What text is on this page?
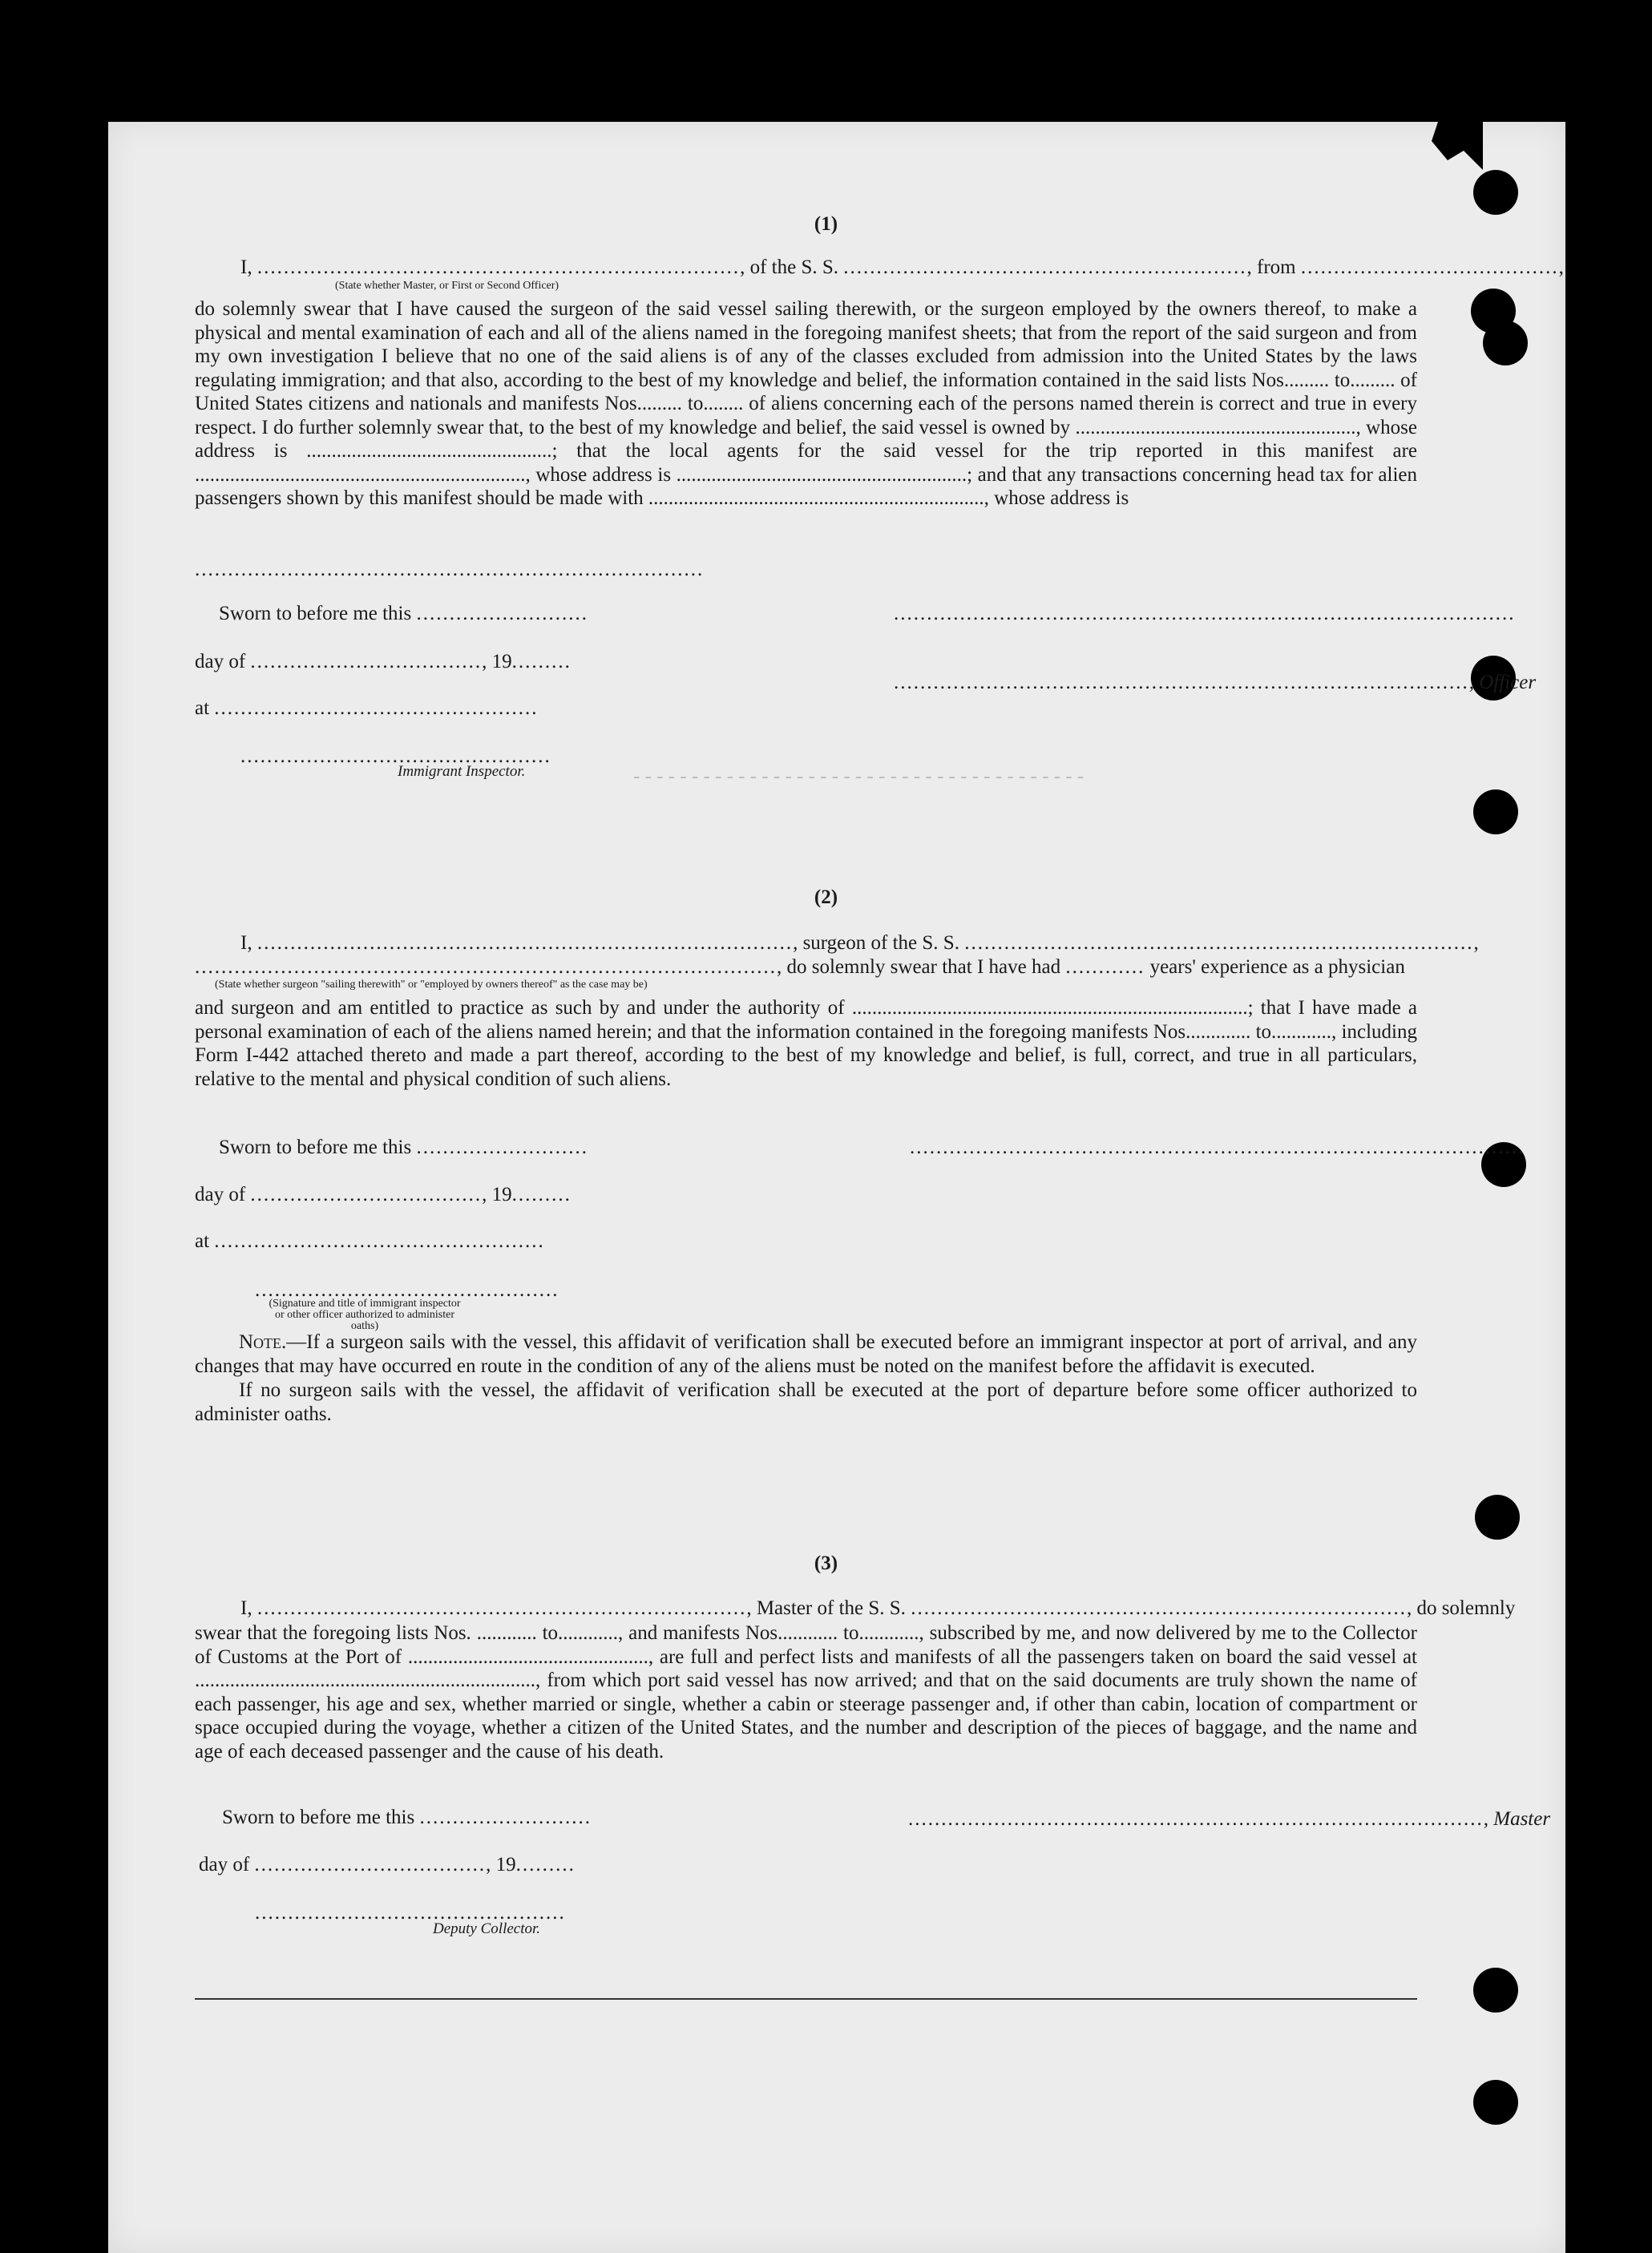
(1)
I, ........................................................................., of the S. S. ............................................................., from .......................................,
(State whether Master, or First or Second Officer)
do solemnly swear that I have caused the surgeon of the said vessel sailing therewith, or the surgeon employed by the owners thereof, to make a physical and mental examination of each and all of the aliens named in the foregoing manifest sheets; that from the report of the said surgeon and from my own investigation I believe that no one of the said aliens is of any of the classes excluded from admission into the United States by the laws regulating immigration; and that also, according to the best of my knowledge and belief, the information contained in the said lists Nos......... to......... of United States citizens and nationals and manifests Nos......... to........ of aliens concerning each of the persons named therein is correct and true in every respect. I do further solemnly swear that, to the best of my knowledge and belief, the said vessel is owned by ........................................................, whose address is .................................................; that the local agents for the said vessel for the trip reported in this manifest are .................................................................., whose address is ..........................................................; and that any transactions concerning head tax for alien passengers shown by this manifest should be made with ..................................................................., whose address is
.............................................................................
Sworn to before me this ..........................	..............................................................................................
day of ..................................., 19.........
......................................................................................., Officer
at .................................................
...............................................
Immigrant Inspector.	- - - - - - - - - - - - - - - - - - - - - - - - - - - - - - - - - - - - - - -
(2)
I, ................................................................................., surgeon of the S. S. .............................................................................,
........................................................................................, do solemnly swear that I have had ............ years' experience as a physician
(State whether surgeon "sailing therewith" or "employed by owners thereof" as the case may be)
and surgeon and am entitled to practice as such by and under the authority of ...............................................................................; that I have made a personal examination of each of the aliens named herein; and that the information contained in the foregoing manifests Nos............. to............, including Form I-442 attached thereto and made a part thereof, according to the best of my knowledge and belief, is full, correct, and true in all particulars, relative to the mental and physical condition of such aliens.
Sworn to before me this ..........................	.............................................................................................
day of ..................................., 19.........
at ..................................................
..............................................
(Signature and title of immigrant inspector or other officer authorized to administer oaths)

Note.—If a surgeon sails with the vessel, this affidavit of verification shall be executed before an immigrant inspector at port of arrival, and any changes that may have occurred en route in the condition of any of the aliens must be noted on the manifest before the affidavit is executed.

If no surgeon sails with the vessel, the affidavit of verification shall be executed at the port of departure before some officer authorized to administer oaths.

(3)
I, .........................................................................., Master of the S. S. ..........................................................................., do solemnly
swear that the foregoing lists Nos. ............ to............, and manifests Nos............ to............, subscribed by me, and now delivered by me to the Collector of Customs at the Port of ................................................, are full and perfect lists and manifests of all the passengers taken on board the said vessel at ...................................................................., from which port said vessel has now arrived; and that on the said documents are truly shown the name of each passenger, his age and sex, whether married or single, whether a cabin or steerage passenger and, if other than cabin, location of compartment or space occupied during the voyage, whether a citizen of the United States, and the number and description of the pieces of baggage, and the name and age of each deceased passenger and the cause of his death.
Sworn to before me this ..........................	......................................................................................., Master
day of ..................................., 19.........
...............................................
Deputy Collector.
